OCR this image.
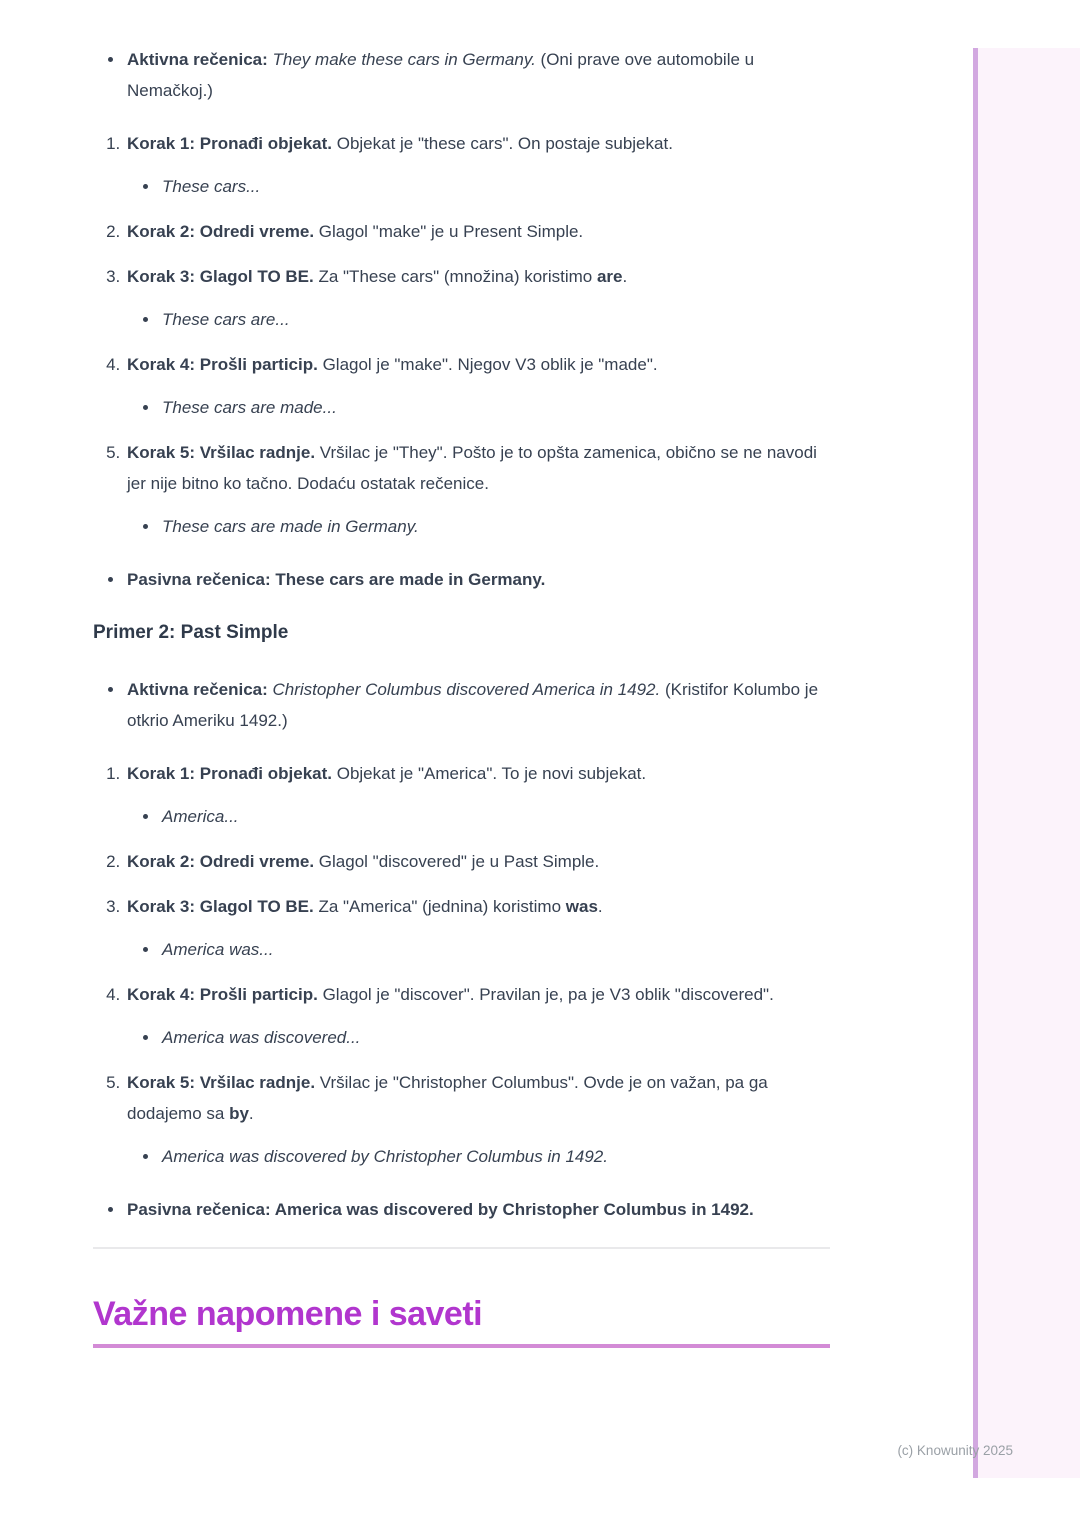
• Aktivna rečenica: They make these cars in Germany. (Oni prave ove automobile u Nemačkoj.)
1. Korak 1: Pronađi objekat. Objekat je "these cars". On postaje subjekat.
• These cars...
2. Korak 2: Odredi vreme. Glagol "make" je u Present Simple.
3. Korak 3: Glagol TO BE. Za "These cars" (množina) koristimo are.
• These cars are...
4. Korak 4: Prošli particip. Glagol je "make". Njegov V3 oblik je "made".
• These cars are made...
5. Korak 5: Vršilac radnje. Vršilac je "They". Pošto je to opšta zamenica, obično se ne navodi jer nije bitno ko tačno. Dodaću ostatak rečenice.
• These cars are made in Germany.
• Pasivna rečenica: These cars are made in Germany.
Primer 2: Past Simple
• Aktivna rečenica: Christopher Columbus discovered America in 1492. (Kristifor Kolumbo je otkrio Ameriku 1492.)
1. Korak 1: Pronađi objekat. Objekat je "America". To je novi subjekat.
• America...
2. Korak 2: Odredi vreme. Glagol "discovered" je u Past Simple.
3. Korak 3: Glagol TO BE. Za "America" (jednina) koristimo was.
• America was...
4. Korak 4: Prošli particip. Glagol je "discover". Pravilan je, pa je V3 oblik "discovered".
• America was discovered...
5. Korak 5: Vršilac radnje. Vršilac je "Christopher Columbus". Ovde je on važan, pa ga dodajemo sa by.
• America was discovered by Christopher Columbus in 1492.
• Pasivna rečenica: America was discovered by Christopher Columbus in 1492.
Važne napomene i saveti
(c) Knowunity 2025
